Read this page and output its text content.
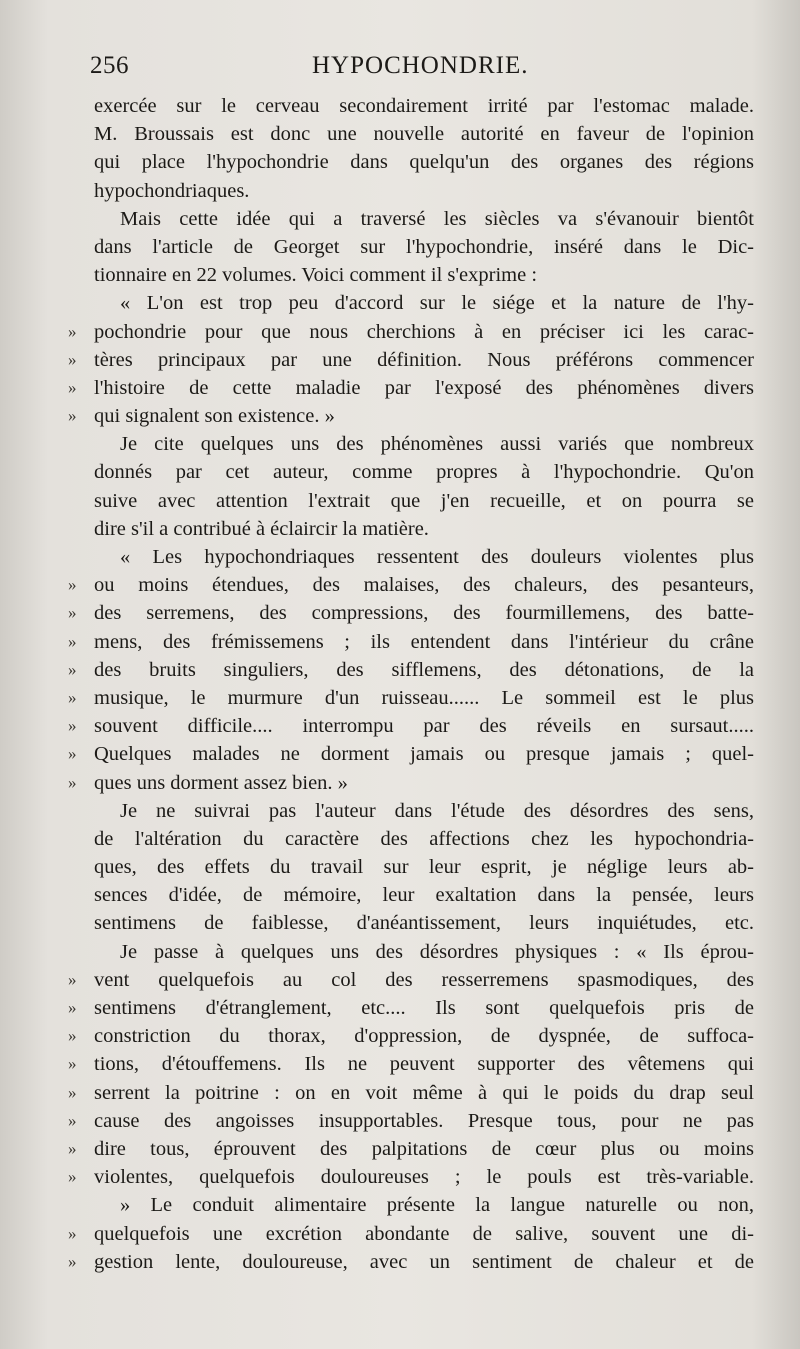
256	HYPOCHONDRIE.
exercée sur le cerveau secondairement irrité par l'estomac malade.
M. Broussais est donc une nouvelle autorité en faveur de l'opinion
qui place l'hypochondrie dans quelqu'un des organes des régions
hypochondriaques.
Mais cette idée qui a traversé les siècles va s'évanouir bientôt
dans l'article de Georget sur l'hypochondrie, inséré dans le Dic-
tionnaire en 22 volumes. Voici comment il s'exprime :
« L'on est trop peu d'accord sur le siége et la nature de l'hy-
» pochondrie pour que nous cherchions à en préciser ici les carac-
» tères principaux par une définition. Nous préférons commencer
» l'histoire de cette maladie par l'exposé des phénomènes divers
» qui signalent son existence. »
Je cite quelques uns des phénomènes aussi variés que nombreux
donnés par cet auteur, comme propres à l'hypochondrie. Qu'on
suive avec attention l'extrait que j'en recueille, et on pourra se
dire s'il a contribué à éclaircir la matière.
« Les hypochondriaques ressentent des douleurs violentes plus
» ou moins étendues, des malaises, des chaleurs, des pesanteurs,
» des serremens, des compressions, des fourmillemens, des batte-
» mens, des frémissemens ; ils entendent dans l'intérieur du crâne
» des bruits singuliers, des sifflemens, des détonations, de la
» musique, le murmure d'un ruisseau...... Le sommeil est le plus
» souvent difficile.... interrompu par des réveils en sursaut.....
» Quelques malades ne dorment jamais ou presque jamais ; quel-
» ques uns dorment assez bien. »
Je ne suivrai pas l'auteur dans l'étude des désordres des sens,
de l'altération du caractère des affections chez les hypochondria-
ques, des effets du travail sur leur esprit, je néglige leurs ab-
sences d'idée, de mémoire, leur exaltation dans la pensée, leurs
sentimens de faiblesse, d'anéantissement, leurs inquiétudes, etc.
Je passe à quelques uns des désordres physiques : « Ils éprou-
» vent quelquefois au col des resserremens spasmodiques, des
» sentimens d'étranglement, etc.... Ils sont quelquefois pris de
» constriction du thorax, d'oppression, de dyspnée, de suffoca-
» tions, d'étouffemens. Ils ne peuvent supporter des vêtemens qui
» serrent la poitrine : on en voit même à qui le poids du drap seul
» cause des angoisses insupportables. Presque tous, pour ne pas
» dire tous, éprouvent des palpitations de cœur plus ou moins
» violentes, quelquefois douloureuses ; le pouls est très-variable.
» Le conduit alimentaire présente la langue naturelle ou non,
» quelquefois une excrétion abondante de salive, souvent une di-
» gestion lente, douloureuse, avec un sentiment de chaleur et de
